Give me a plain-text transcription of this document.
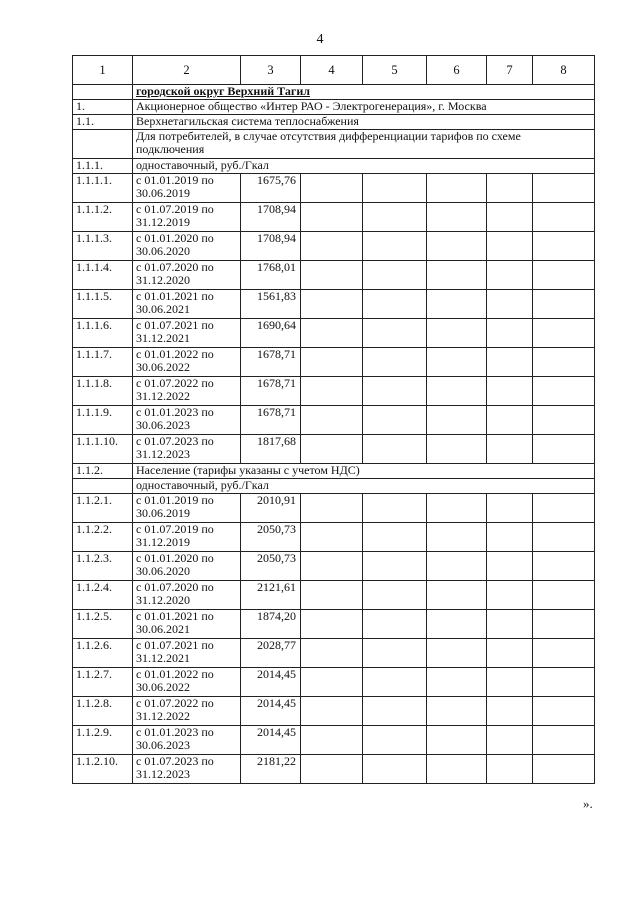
4
1	2	3	4	5	6	7	8
	городской округ Верхний Тагил						
1.	Акционерное общество «Интер РАО - Электрогенерация», г. Москва						
1.1.	Верхнетагильская система теплоснабжения						
	Для потребителей, в случае отсутствия дифференциации тарифов по схеме подключения						
1.1.1.	одноставочный, руб./Гкал						
1.1.1.1.	с 01.01.2019 по 30.06.2019	1675,76					
1.1.1.2.	с 01.07.2019 по 31.12.2019	1708,94					
1.1.1.3.	с 01.01.2020 по 30.06.2020	1708,94					
1.1.1.4.	с 01.07.2020 по 31.12.2020	1768,01					
1.1.1.5.	с 01.01.2021 по 30.06.2021	1561,83					
1.1.1.6.	с 01.07.2021 по 31.12.2021	1690,64					
1.1.1.7.	с 01.01.2022 по 30.06.2022	1678,71					
1.1.1.8.	с 01.07.2022 по 31.12.2022	1678,71					
1.1.1.9.	с 01.01.2023 по 30.06.2023	1678,71					
1.1.1.10.	с 01.07.2023 по 31.12.2023	1817,68					
1.1.2.	Население (тарифы указаны с учетом НДС)						
	одноставочный, руб./Гкал						
1.1.2.1.	с 01.01.2019 по 30.06.2019	2010,91					
1.1.2.2.	с 01.07.2019 по 31.12.2019	2050,73					
1.1.2.3.	с 01.01.2020 по 30.06.2020	2050,73					
1.1.2.4.	с 01.07.2020 по 31.12.2020	2121,61					
1.1.2.5.	с 01.01.2021 по 30.06.2021	1874,20					
1.1.2.6.	с 01.07.2021 по 31.12.2021	2028,77					
1.1.2.7.	с 01.01.2022 по 30.06.2022	2014,45					
1.1.2.8.	с 01.07.2022 по 31.12.2022	2014,45					
1.1.2.9.	с 01.01.2023 по 30.06.2023	2014,45					
1.1.2.10.	с 01.07.2023 по 31.12.2023	2181,22					
».
